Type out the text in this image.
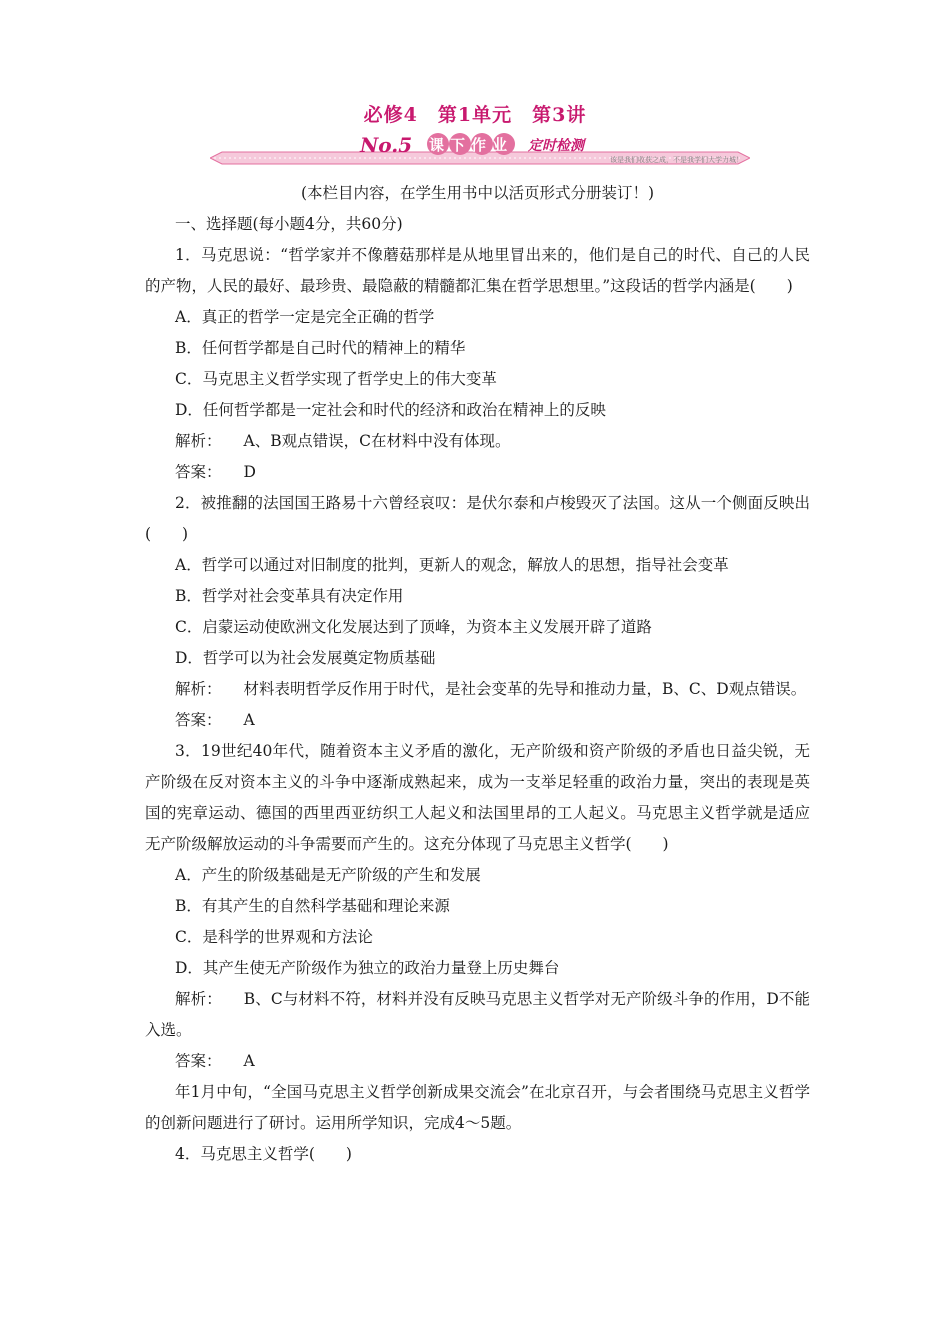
必修4　第1单元　第3讲
No.5 课下作业 定时检测
该是我们收获之成，不是我学们大学力城！

(本栏目内容，在学生用书中以活页形式分册装订！)

一、选择题(每小题4分，共60分)

1．马克思说：“哲学家并不像蘑菇那样是从地里冒出来的，他们是自己的时代、自己的人民的产物，人民的最好、最珍贵、最隐蔽的精髓都汇集在哲学思想里。”这段话的哲学内涵是(　　)

A．真正的哲学一定是完全正确的哲学

B．任何哲学都是自己时代的精神上的精华

C．马克思主义哲学实现了哲学史上的伟大变革

D．任何哲学都是一定社会和时代的经济和政治在精神上的反映

解析： A、B观点错误，C在材料中没有体现。

答案： D

2．被推翻的法国国王路易十六曾经哀叹：是伏尔泰和卢梭毁灭了法国。这从一个侧面反映出(　　)

A．哲学可以通过对旧制度的批判，更新人的观念，解放人的思想，指导社会变革

B．哲学对社会变革具有决定作用

C．启蒙运动使欧洲文化发展达到了顶峰，为资本主义发展开辟了道路

D．哲学可以为社会发展奠定物质基础

解析： 材料表明哲学反作用于时代，是社会变革的先导和推动力量，B、C、D观点错误。

答案： A

3．19世纪40年代，随着资本主义矛盾的激化，无产阶级和资产阶级的矛盾也日益尖锐，无产阶级在反对资本主义的斗争中逐渐成熟起来，成为一支举足轻重的政治力量，突出的表现是英国的宪章运动、德国的西里西亚纺织工人起义和法国里昂的工人起义。马克思主义哲学就是适应无产阶级解放运动的斗争需要而产生的。这充分体现了马克思主义哲学(　　)

A．产生的阶级基础是无产阶级的产生和发展

B．有其产生的自然科学基础和理论来源

C．是科学的世界观和方法论

D．其产生使无产阶级作为独立的政治力量登上历史舞台

解析： B、C与材料不符，材料并没有反映马克思主义哲学对无产阶级斗争的作用，D不能入选。

答案： A

年1月中旬，“全国马克思主义哲学创新成果交流会”在北京召开，与会者围绕马克思主义哲学的创新问题进行了研讨。运用所学知识，完成4～5题。

4．马克思主义哲学(　　)
